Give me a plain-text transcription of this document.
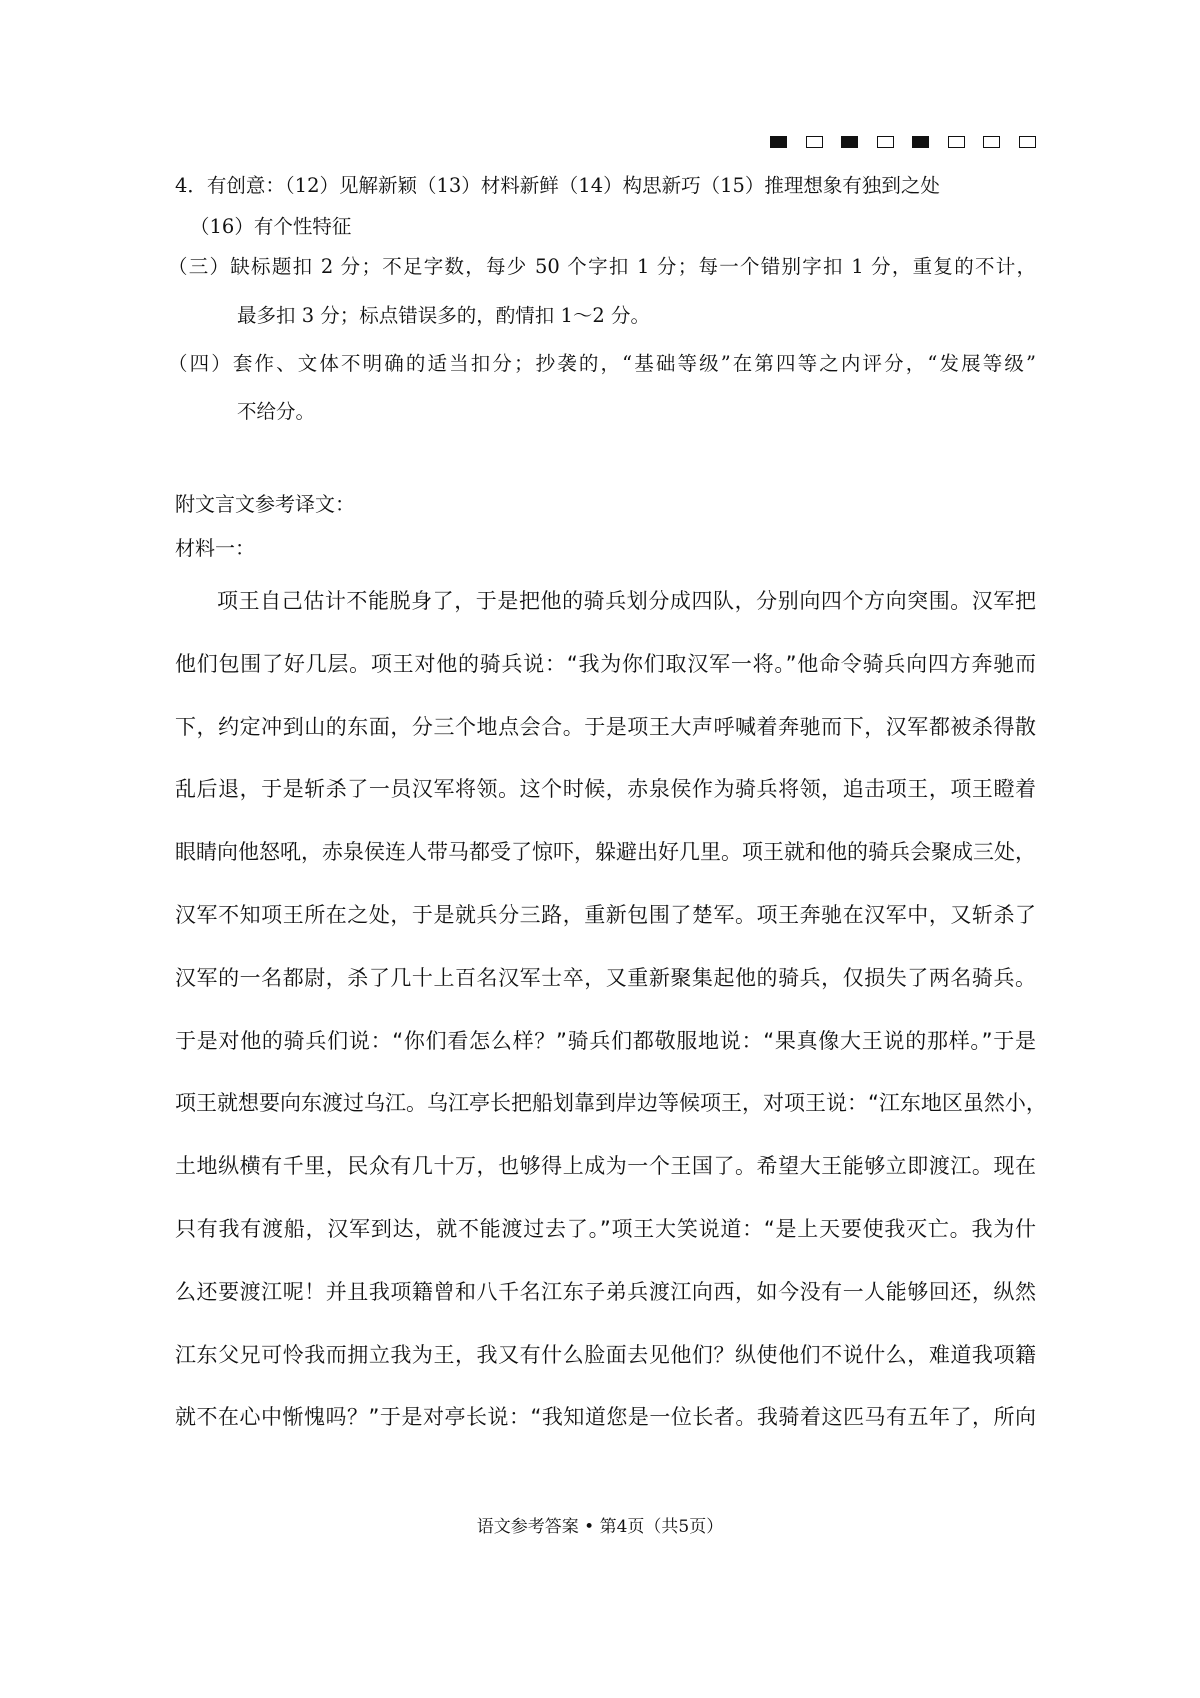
4．有创意：（12）见解新颖（13）材料新鲜（14）构思新巧（15）推理想象有独到之处
（16）有个性特征
（三）缺标题扣 2 分；不足字数，每少 50 个字扣 1 分；每一个错别字扣 1 分，重复的不计，
最多扣 3 分；标点错误多的，酌情扣 1～2 分。
（四）套作、文体不明确的适当扣分；抄袭的，“基础等级”在第四等之内评分，“发展等级”
不给分。
附文言文参考译文：
材料一：
项王自己估计不能脱身了，于是把他的骑兵划分成四队，分别向四个方向突围。汉军把
他们包围了好几层。项王对他的骑兵说：“我为你们取汉军一将。”他命令骑兵向四方奔驰而
下，约定冲到山的东面，分三个地点会合。于是项王大声呼喊着奔驰而下，汉军都被杀得散
乱后退，于是斩杀了一员汉军将领。这个时候，赤泉侯作为骑兵将领，追击项王，项王瞪着
眼睛向他怒吼，赤泉侯连人带马都受了惊吓，躲避出好几里。项王就和他的骑兵会聚成三处，
汉军不知项王所在之处，于是就兵分三路，重新包围了楚军。项王奔驰在汉军中，又斩杀了
汉军的一名都尉，杀了几十上百名汉军士卒，又重新聚集起他的骑兵，仅损失了两名骑兵。
于是对他的骑兵们说：“你们看怎么样？”骑兵们都敬服地说：“果真像大王说的那样。”于是
项王就想要向东渡过乌江。乌江亭长把船划靠到岸边等候项王，对项王说：“江东地区虽然小，
土地纵横有千里，民众有几十万，也够得上成为一个王国了。希望大王能够立即渡江。现在
只有我有渡船，汉军到达，就不能渡过去了。”项王大笑说道：“是上天要使我灭亡。我为什
么还要渡江呢！并且我项籍曾和八千名江东子弟兵渡江向西，如今没有一人能够回还，纵然
江东父兄可怜我而拥立我为王，我又有什么脸面去见他们？纵使他们不说什么，难道我项籍
就不在心中惭愧吗？”于是对亭长说：“我知道您是一位长者。我骑着这匹马有五年了，所向
语文参考答案 • 第4页（共5页）
